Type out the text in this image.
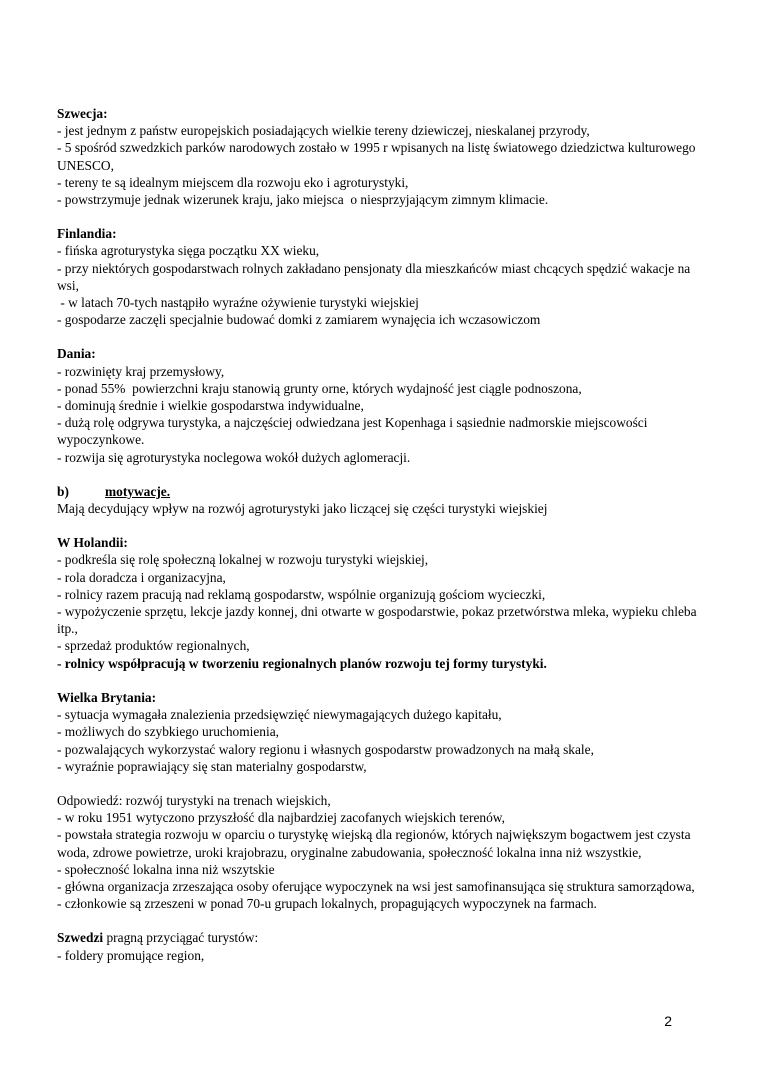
Szwecja:
- jest jednym z państw europejskich posiadających wielkie tereny dziewiczej, nieskalanej przyrody,
- 5 spośród szwedzkich parków narodowych zostało w 1995 r wpisanych na listę światowego dziedzictwa kulturowego UNESCO,
- tereny te są idealnym miejscem dla rozwoju eko i agroturystyki,
- powstrzymuje jednak wizerunek kraju, jako miejsca  o niesprzyjającym zimnym klimacie.
Finlandia:
- fińska agroturystyka sięga początku XX wieku,
- przy niektórych gospodarstwach rolnych zakładano pensjonaty dla mieszkańców miast chcących spędzić wakacje na wsi,
- w latach 70-tych nastąpiło wyraźne ożywienie turystyki wiejskiej
- gospodarze zaczęli specjalnie budować domki z zamiarem wynajęcia ich wczasowiczom
Dania:
- rozwinięty kraj przemysłowy,
- ponad 55%  powierzchni kraju stanowią grunty orne, których wydajność jest ciągle podnoszona,
- dominują średnie i wielkie gospodarstwa indywidualne,
- dużą rolę odgrywa turystyka, a najczęściej odwiedzana jest Kopenhaga i sąsiednie nadmorskie miejscowości wypoczynkowe.
- rozwija się agroturystyka noclegowa wokół dużych aglomeracji.
b)	motywacje.
Mają decydujący wpływ na rozwój agroturystyki jako liczącej się części turystyki wiejskiej
W Holandii:
- podkreśla się rolę społeczną lokalnej w rozwoju turystyki wiejskiej,
- rola doradcza i organizacyjna,
- rolnicy razem pracują nad reklamą gospodarstw, wspólnie organizują gościom wycieczki,
- wypożyczenie sprzętu, lekcje jazdy konnej, dni otwarte w gospodarstwie, pokaz przetwórstwa mleka, wypieku chleba itp.,
- sprzedaż produktów regionalnych,
- rolnicy współpracują w tworzeniu regionalnych planów rozwoju tej formy turystyki.
Wielka Brytania:
- sytuacja wymagała znalezienia przedsięwzięć niewymagających dużego kapitału,
- możliwych do szybkiego uruchomienia,
- pozwalających wykorzystać walory regionu i własnych gospodarstw prowadzonych na małą skale,
- wyraźnie poprawiający się stan materialny gospodarstw,
Odpowiedź: rozwój turystyki na trenach wiejskich,
- w roku 1951 wytyczono przyszłość dla najbardziej zacofanych wiejskich terenów,
- powstała strategia rozwoju w oparciu o turystykę wiejską dla regionów, których największym bogactwem jest czysta woda, zdrowe powietrze, uroki krajobrazu, oryginalne zabudowania, społeczność lokalna inna niż wszystkie,
- społeczność lokalna inna niż wszytskie
- główna organizacja zrzeszająca osoby oferujące wypoczynek na wsi jest samofinansująca się struktura samorządowa,
- członkowie są zrzeszeni w ponad 70-u grupach lokalnych, propagujących wypoczynek na farmach.
Szwedzi pragną przyciągać turystów:
- foldery promujące region,
2
